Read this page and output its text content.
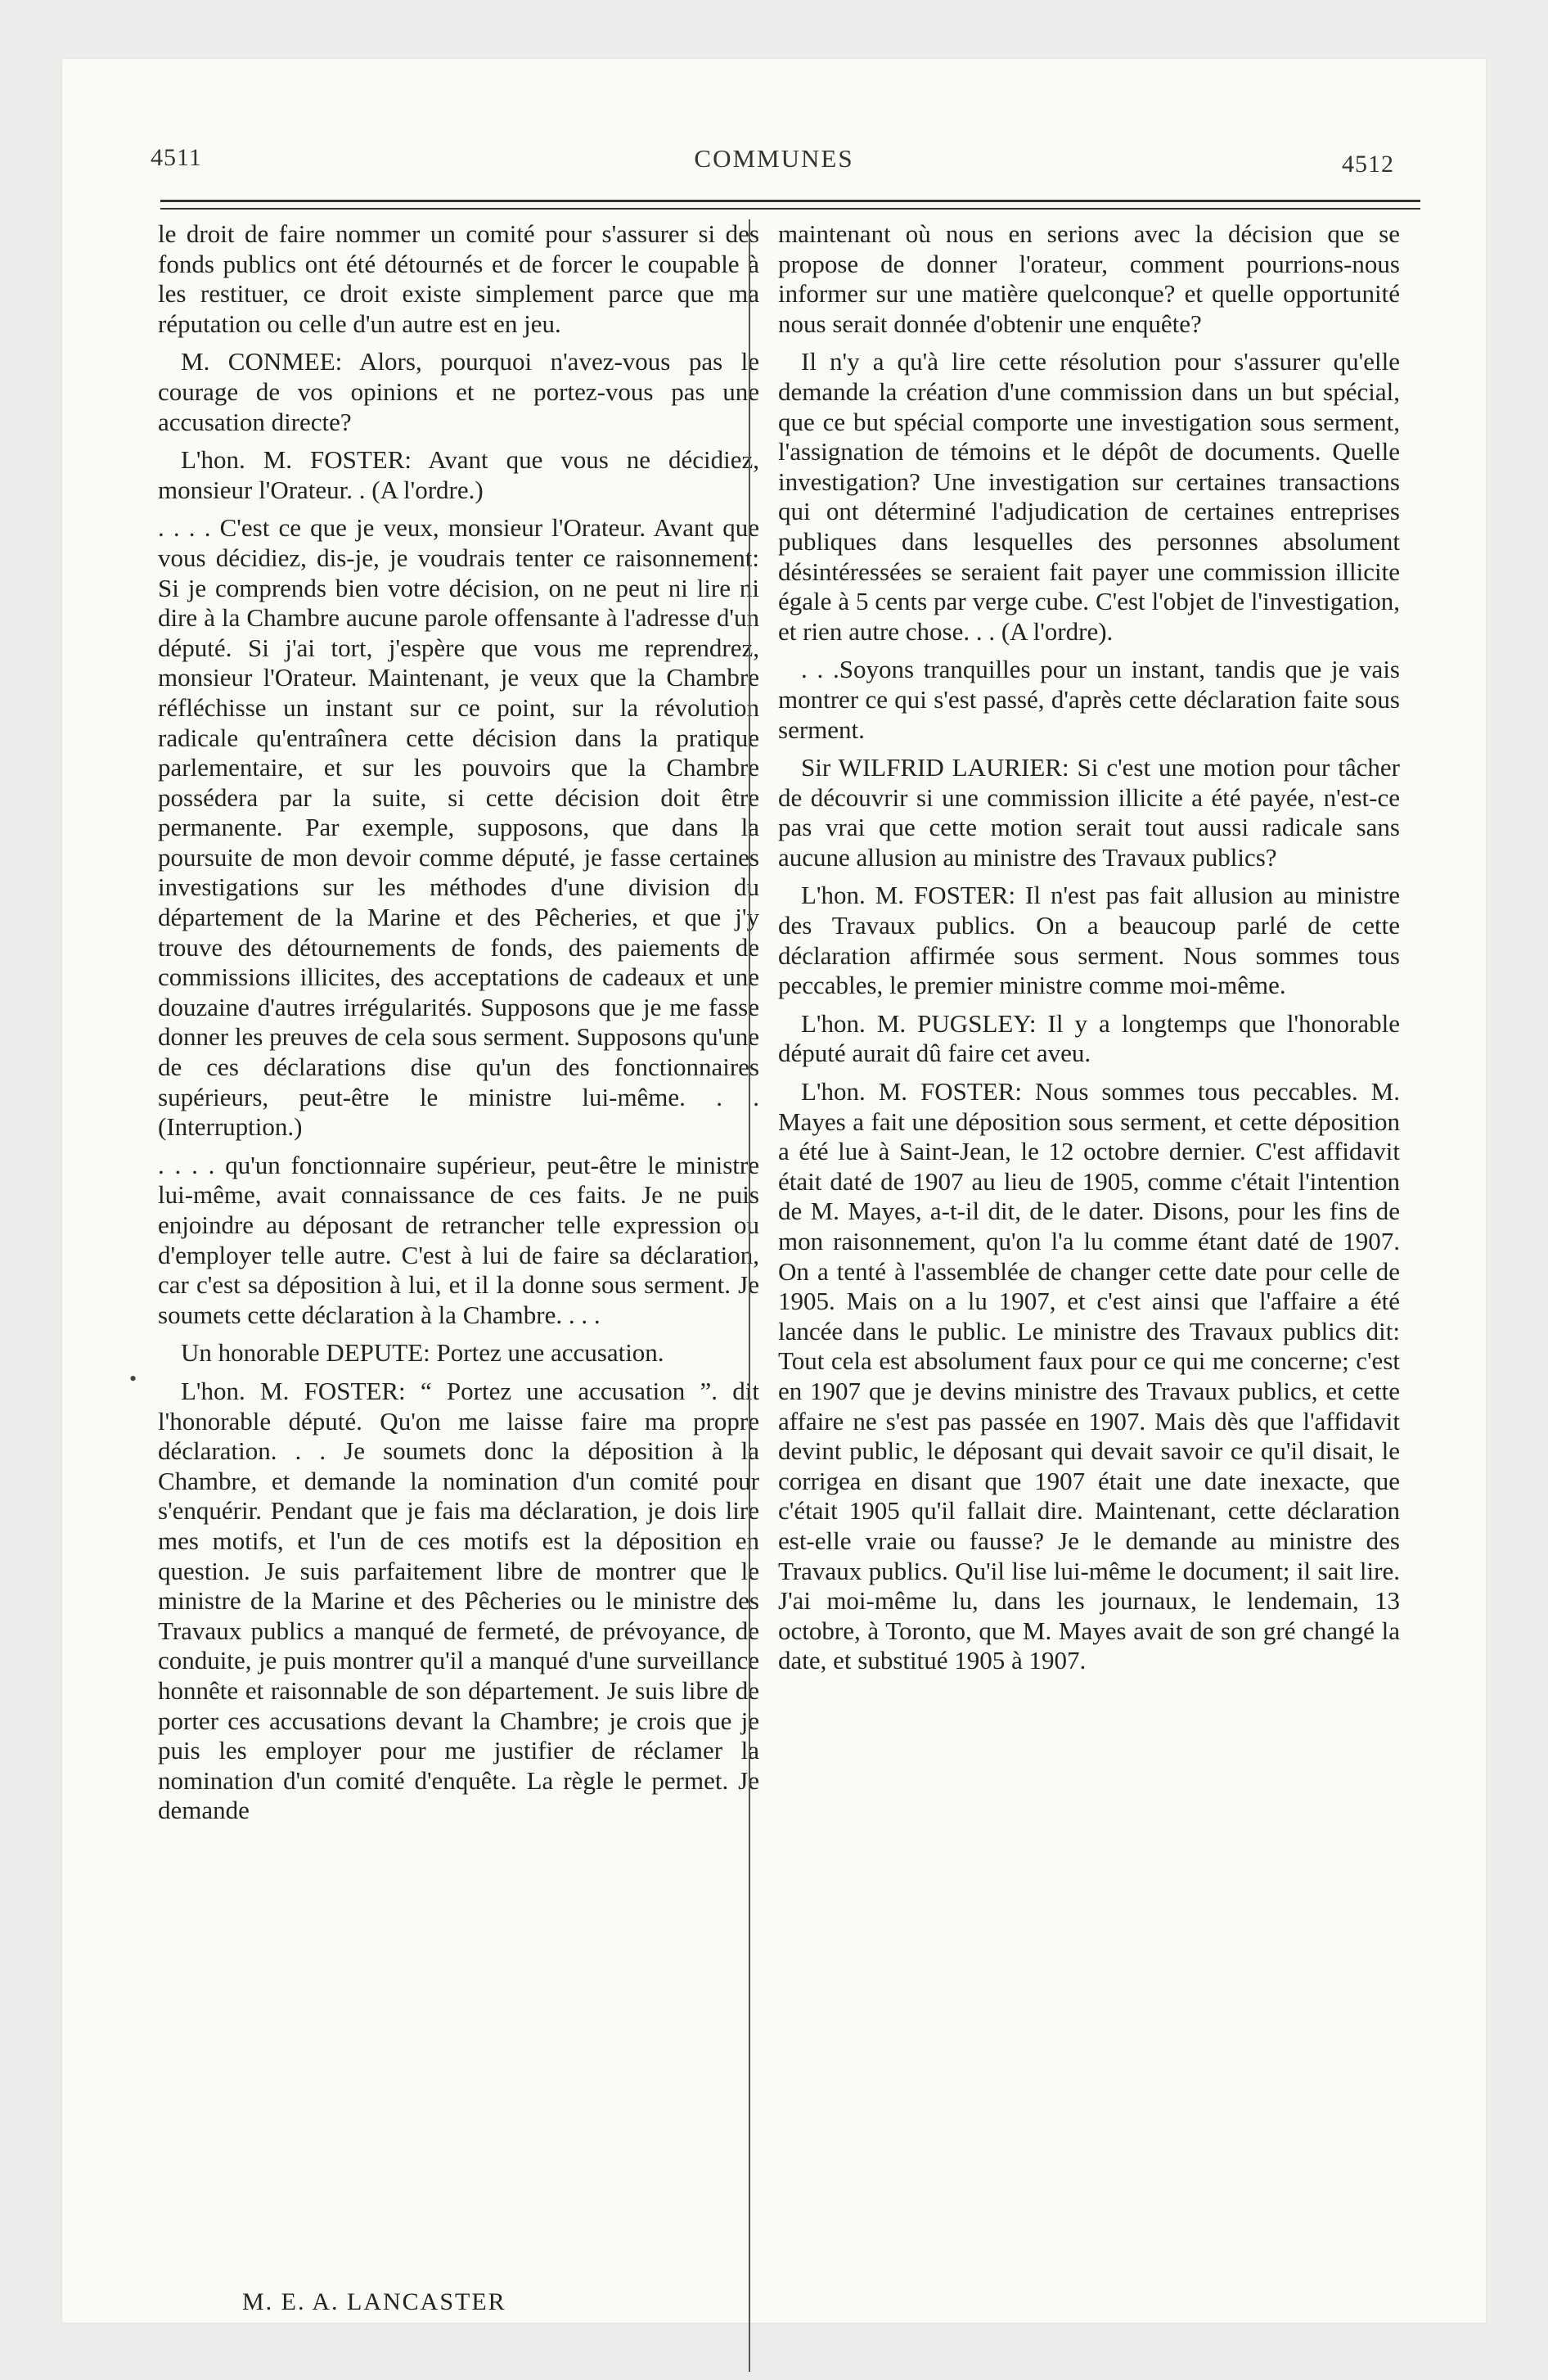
4511	COMMUNES	4512

le droit de faire nommer un comité pour s'assurer si des fonds publics ont été détournés et de forcer le coupable à les restituer, ce droit existe simplement parce que ma réputation ou celle d'un autre est en jeu.

M. CONMEE: Alors, pourquoi n'avez-vous pas le courage de vos opinions et ne portez-vous pas une accusation directe?

L'hon. M. FOSTER: Avant que vous ne décidiez, monsieur l'Orateur. . (A l'ordre.)

. . . . C'est ce que je veux, monsieur l'Orateur. Avant que vous décidiez, dis-je, je voudrais tenter ce raisonnement: Si je comprends bien votre décision, on ne peut ni lire ni dire à la Chambre aucune parole offensante à l'adresse d'un député. Si j'ai tort, j'espère que vous me reprendrez, monsieur l'Orateur. Maintenant, je veux que la Chambre réfléchisse un instant sur ce point, sur la révolution radicale qu'entraînera cette décision dans la pratique parlementaire, et sur les pouvoirs que la Chambre possédera par la suite, si cette décision doit être permanente. Par exemple, supposons, que dans la poursuite de mon devoir comme député, je fasse certaines investigations sur les méthodes d'une division du département de la Marine et des Pêcheries, et que j'y trouve des détournements de fonds, des paiements de commissions illicites, des acceptations de cadeaux et une douzaine d'autres irrégularités. Supposons que je me fasse donner les preuves de cela sous serment. Supposons qu'une de ces déclarations dise qu'un des fonctionnaires supérieurs, peut-être le ministre lui-même. . . (Interruption.)

. . . . qu'un fonctionnaire supérieur, peut-être le ministre lui-même, avait connaissance de ces faits. Je ne puis enjoindre au déposant de retrancher telle expression ou d'employer telle autre. C'est à lui de faire sa déclaration, car c'est sa déposition à lui, et il la donne sous serment. Je soumets cette déclaration à la Chambre. . . .

Un honorable DEPUTE: Portez une accusation.

L'hon. M. FOSTER: “ Portez une accusation ”. dit l'honorable député. Qu'on me laisse faire ma propre déclaration. . . Je soumets donc la déposition à la Chambre, et demande la nomination d'un comité pour s'enquérir. Pendant que je fais ma déclaration, je dois lire mes motifs, et l'un de ces motifs est la déposition en question. Je suis parfaitement libre de montrer que le ministre de la Marine et des Pêcheries ou le ministre des Travaux publics a manqué de fermeté, de prévoyance, de conduite, je puis montrer qu'il a manqué d'une surveillance honnête et raisonnable de son département. Je suis libre de porter ces accusations devant la Chambre; je crois que je puis les employer pour me justifier de réclamer la nomination d'un comité d'enquête. La règle le permet. Je demande

maintenant où nous en serions avec la décision que se propose de donner l'orateur, comment pourrions-nous informer sur une matière quelconque? et quelle opportunité nous serait donnée d'obtenir une enquête?

Il n'y a qu'à lire cette résolution pour s'assurer qu'elle demande la création d'une commission dans un but spécial, que ce but spécial comporte une investigation sous serment, l'assignation de témoins et le dépôt de documents. Quelle investigation? Une investigation sur certaines transactions qui ont déterminé l'adjudication de certaines entreprises publiques dans lesquelles des personnes absolument désintéressées se seraient fait payer une commission illicite égale à 5 cents par verge cube. C'est l'objet de l'investigation, et rien autre chose. . . (A l'ordre).

. . .Soyons tranquilles pour un instant, tandis que je vais montrer ce qui s'est passé, d'après cette déclaration faite sous serment.

Sir WILFRID LAURIER: Si c'est une motion pour tâcher de découvrir si une commission illicite a été payée, n'est-ce pas vrai que cette motion serait tout aussi radicale sans aucune allusion au ministre des Travaux publics?

L'hon. M. FOSTER: Il n'est pas fait allusion au ministre des Travaux publics. On a beaucoup parlé de cette déclaration affirmée sous serment. Nous sommes tous peccables, le premier ministre comme moi-même.

L'hon. M. PUGSLEY: Il y a longtemps que l'honorable député aurait dû faire cet aveu.

L'hon. M. FOSTER: Nous sommes tous peccables. M. Mayes a fait une déposition sous serment, et cette déposition a été lue à Saint-Jean, le 12 octobre dernier. C'est affidavit était daté de 1907 au lieu de 1905, comme c'était l'intention de M. Mayes, a-t-il dit, de le dater. Disons, pour les fins de mon raisonnement, qu'on l'a lu comme étant daté de 1907. On a tenté à l'assemblée de changer cette date pour celle de 1905. Mais on a lu 1907, et c'est ainsi que l'affaire a été lancée dans le public. Le ministre des Travaux publics dit: Tout cela est absolument faux pour ce qui me concerne; c'est en 1907 que je devins ministre des Travaux publics, et cette affaire ne s'est pas passée en 1907. Mais dès que l'affidavit devint public, le déposant qui devait savoir ce qu'il disait, le corrigea en disant que 1907 était une date inexacte, que c'était 1905 qu'il fallait dire. Maintenant, cette déclaration est-elle vraie ou fausse? Je le demande au ministre des Travaux publics. Qu'il lise lui-même le document; il sait lire. J'ai moi-même lu, dans les journaux, le lendemain, 13 octobre, à Toronto, que M. Mayes avait de son gré changé la date, et substitué 1905 à 1907.

•
M. E. A. LANCASTER
